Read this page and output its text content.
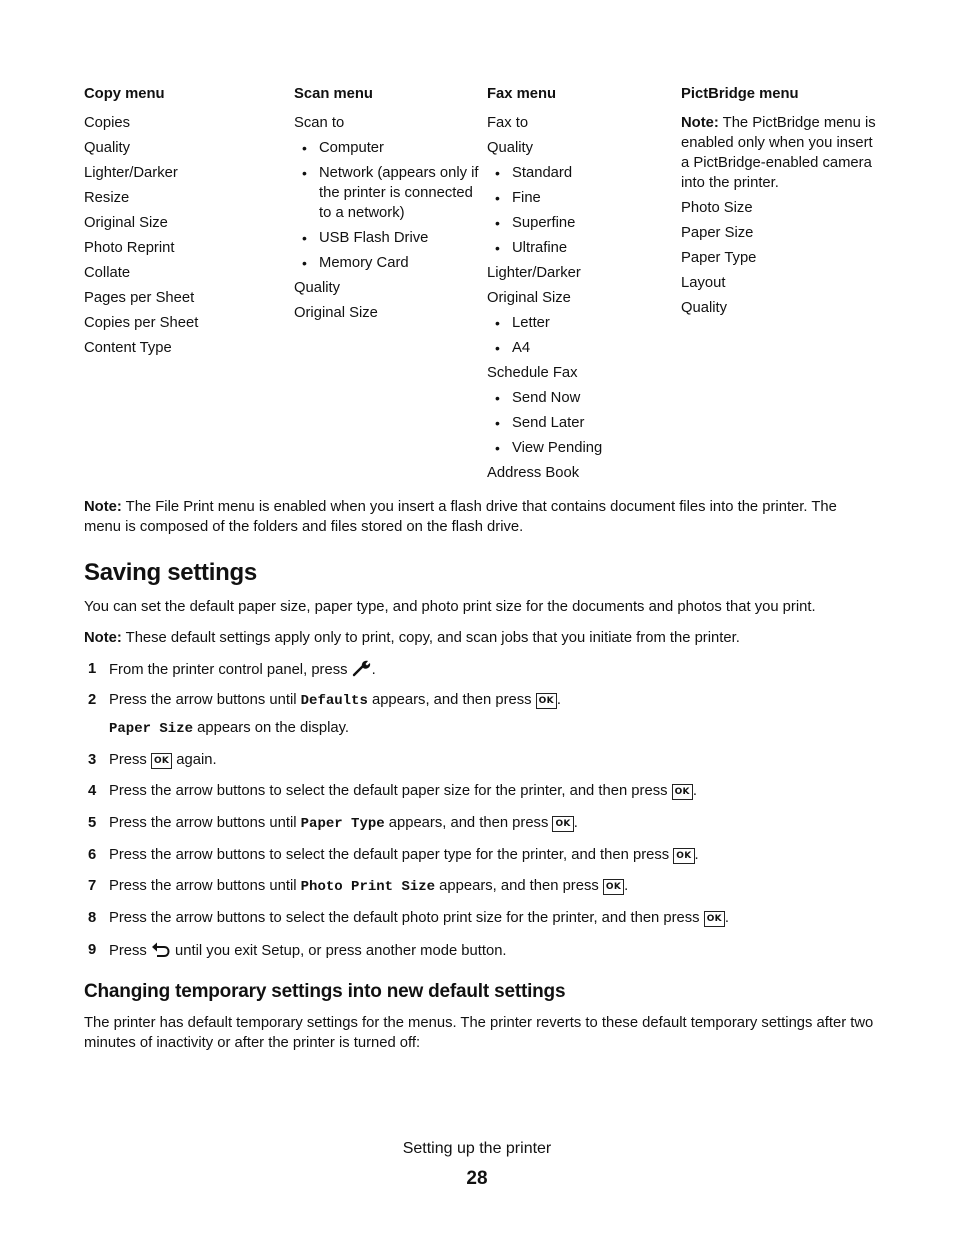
Copy menu
Copies
Quality
Lighter/Darker
Resize
Original Size
Photo Reprint
Collate
Pages per Sheet
Copies per Sheet
Content Type
Scan menu
Scan to
• Computer
• Network (appears only if the printer is connected to a network)
• USB Flash Drive
• Memory Card
Quality
Original Size
Fax menu
Fax to
Quality
• Standard
• Fine
• Superfine
• Ultrafine
Lighter/Darker
Original Size
• Letter
• A4
Schedule Fax
• Send Now
• Send Later
• View Pending
Address Book
PictBridge menu
Note: The PictBridge menu is enabled only when you insert a PictBridge-enabled camera into the printer.
Photo Size
Paper Size
Paper Type
Layout
Quality
Note: The File Print menu is enabled when you insert a flash drive that contains document files into the printer. The menu is composed of the folders and files stored on the flash drive.
Saving settings
You can set the default paper size, paper type, and photo print size for the documents and photos that you print.
Note: These default settings apply only to print, copy, and scan jobs that you initiate from the printer.
1 From the printer control panel, press .
2 Press the arrow buttons until Defaults appears, and then press OK .
Paper Size appears on the display.
3 Press OK again.
4 Press the arrow buttons to select the default paper size for the printer, and then press OK .
5 Press the arrow buttons until Paper Type appears, and then press OK .
6 Press the arrow buttons to select the default paper type for the printer, and then press OK .
7 Press the arrow buttons until Photo Print Size appears, and then press OK .
8 Press the arrow buttons to select the default photo print size for the printer, and then press OK .
9 Press  until you exit Setup, or press another mode button.
Changing temporary settings into new default settings
The printer has default temporary settings for the menus. The printer reverts to these default temporary settings after two minutes of inactivity or after the printer is turned off:
Setting up the printer
28
